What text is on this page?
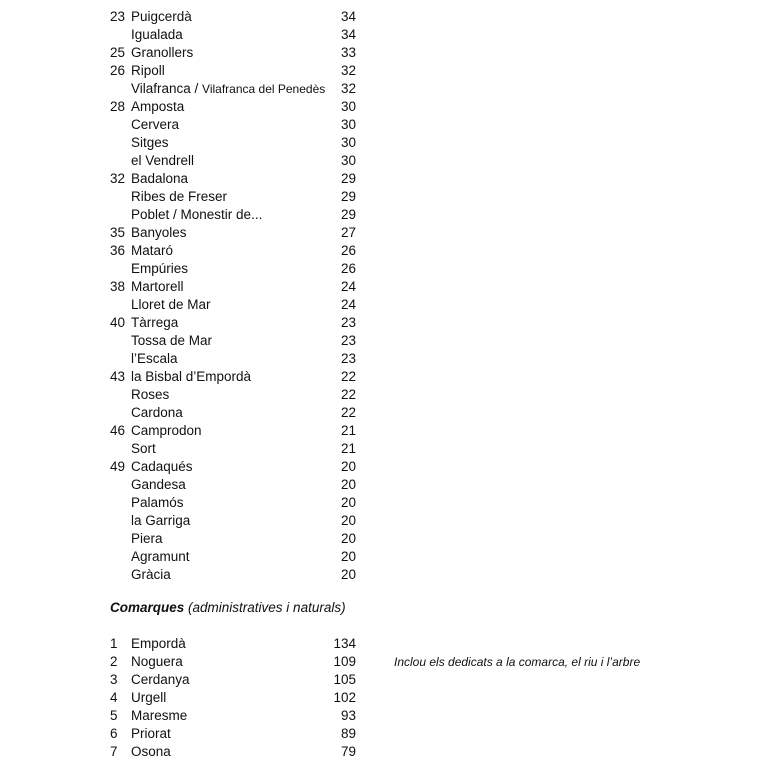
23 Puigcerdà	34
Igualada	34
25 Granollers	33
26 Ripoll	32
Vilafranca / Vilafranca del Penedès	32
28 Amposta	30
Cervera	30
Sitges	30
el Vendrell	30
32 Badalona	29
Ribes de Freser	29
Poblet / Monestir de...	29
35 Banyoles	27
36 Mataró	26
Empúries	26
38 Martorell	24
Lloret de Mar	24
40 Tàrrega	23
Tossa de Mar	23
l’Escala	23
43 la Bisbal d’Empordà	22
Roses	22
Cardona	22
46 Camprodon	21
Sort	21
49 Cadaqués	20
Gandesa	20
Palamós	20
la Garriga	20
Piera	20
Agramunt	20
Gràcia	20
Comarques (administratives i naturals)
1 Empordà	134
2 Noguera	109	Inclou els dedicats a la comarca, el riu i l’arbre
3 Cerdanya	105
4 Urgell	102
5 Maresme	93
6 Priorat	89
7 Osona	79
